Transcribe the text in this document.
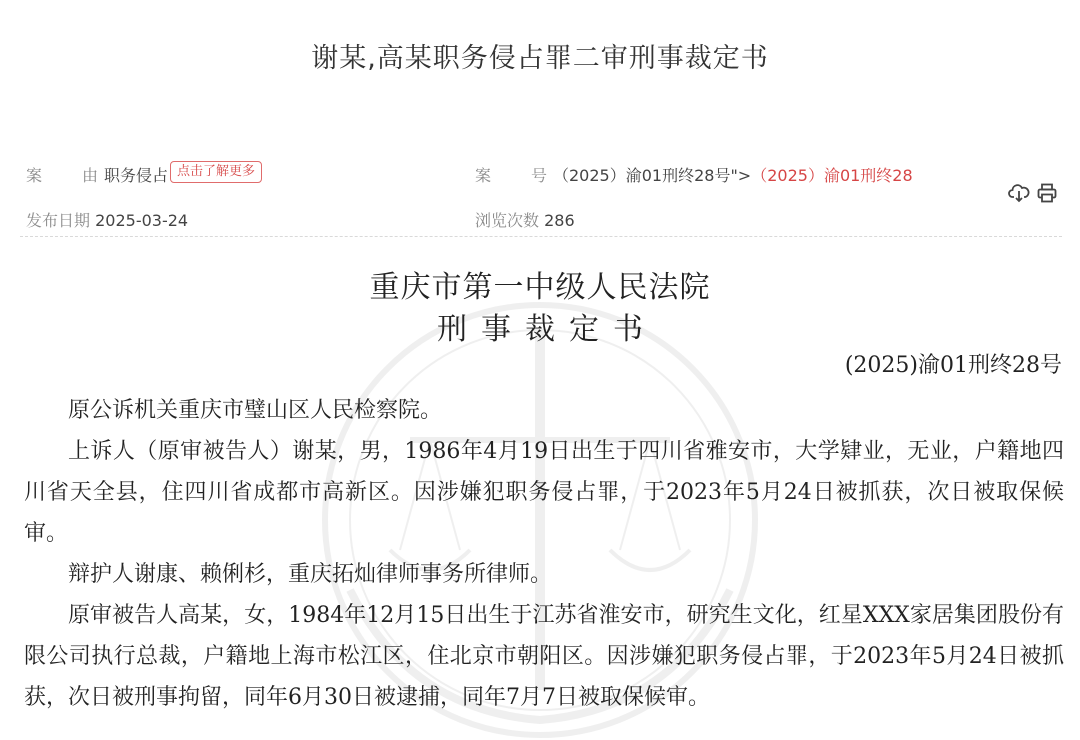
谢某,高某职务侵占罪二审刑事裁定书
案 由 职务侵占 点击了解更多	案 号 （2025）渝01刑终28号">（2025）渝01刑终28
发布日期 2025-03-24	浏览次数 286
重庆市第一中级人民法院
刑事裁定书
(2025)渝01刑终28号

原公诉机关重庆市璧山区人民检察院。

上诉人（原审被告人）谢某，男，1986年4月19日出生于四川省雅安市，大学肄业，无业，户籍地四川省天全县，住四川省成都市高新区。因涉嫌犯职务侵占罪，于2023年5月24日被抓获，次日被取保候审。

辩护人谢康、赖俐杉，重庆拓灿律师事务所律师。

原审被告人高某，女，1984年12月15日出生于江苏省淮安市，研究生文化，红星XXX家居集团股份有限公司执行总裁，户籍地上海市松江区，住北京市朝阳区。因涉嫌犯职务侵占罪，于2023年5月24日被抓获，次日被刑事拘留，同年6月30日被逮捕，同年7月7日被取保候审。
